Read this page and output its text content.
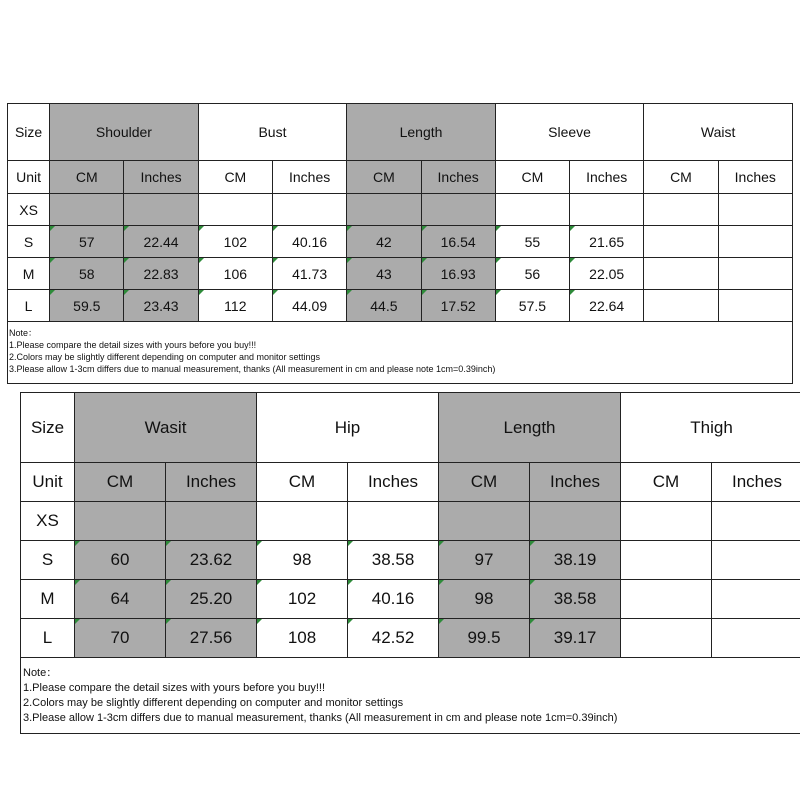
Size	Shoulder		Bust		Length		Sleeve		Waist	
Unit	CM	Inches	CM	Inches	CM	Inches	CM	Inches	CM	Inches
XS										
S	57	22.44	102	40.16	42	16.54	55	21.65		
M	58	22.83	106	41.73	43	16.93	56	22.05		
L	59.5	23.43	112	44.09	44.5	17.52	57.5	22.64		

Note：
1.Please compare the detail sizes with yours before you buy!!!
2.Colors may be slightly different depending on computer and monitor settings
3.Please allow 1-3cm differs due to manual measurement, thanks (All measurement in cm and please note 1cm=0.39inch)										
Size	Wasit		Hip		Length		Thigh	
Unit	CM	Inches	CM	Inches	CM	Inches	CM	Inches
XS								
S	60	23.62	98	38.58	97	38.19		
M	64	25.20	102	40.16	98	38.58		
L	70	27.56	108	42.52	99.5	39.17		

Note：
1.Please compare the detail sizes with yours before you buy!!!
2.Colors may be slightly different depending on computer and monitor settings
3.Please allow 1-3cm differs due to manual measurement, thanks (All measurement in cm and please note 1cm=0.39inch)								
